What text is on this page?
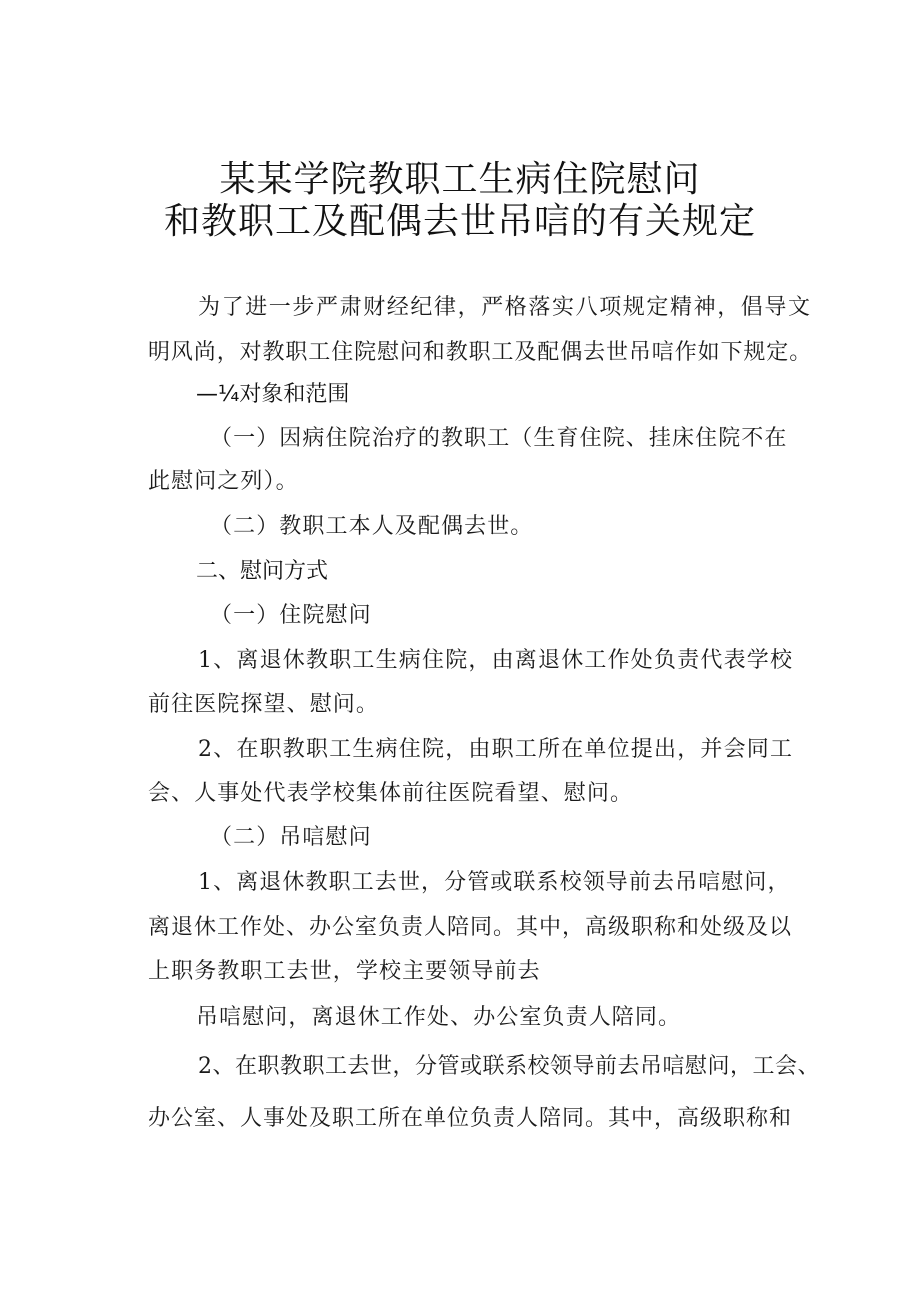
某某学院教职工生病住院慰问
和教职工及配偶去世吊唁的有关规定
为了进一步严肃财经纪律，严格落实八项规定精神，倡导文
明风尚，对教职工住院慰问和教职工及配偶去世吊唁作如下规定。
—¼对象和范围
（一）因病住院治疗的教职工（生育住院、挂床住院不在
此慰问之列）。
（二）教职工本人及配偶去世。
二、慰问方式
（一）住院慰问
1、离退休教职工生病住院，由离退休工作处负责代表学校
前往医院探望、慰问。
2、在职教职工生病住院，由职工所在单位提出，并会同工
会、人事处代表学校集体前往医院看望、慰问。
（二）吊唁慰问
1、离退休教职工去世，分管或联系校领导前去吊唁慰问，
离退休工作处、办公室负责人陪同。其中，高级职称和处级及以
上职务教职工去世，学校主要领导前去
吊唁慰问，离退休工作处、办公室负责人陪同。
2、在职教职工去世，分管或联系校领导前去吊唁慰问，工会、
办公室、人事处及职工所在单位负责人陪同。其中，高级职称和
